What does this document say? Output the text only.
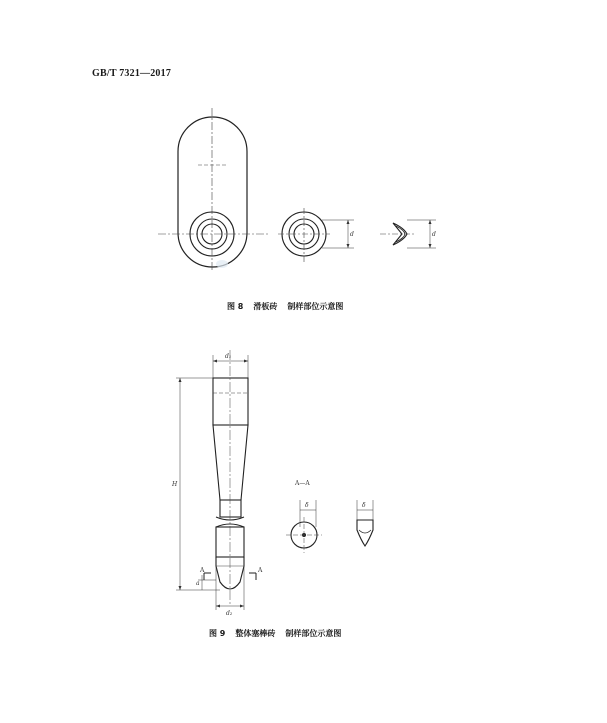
GB/T 7321—2017
d	d
图 8 滑板砖 制样部位示意图
d₁
H
A	A
a
d₂
A—A
δ	δ
图 9 整体塞棒砖 制样部位示意图
